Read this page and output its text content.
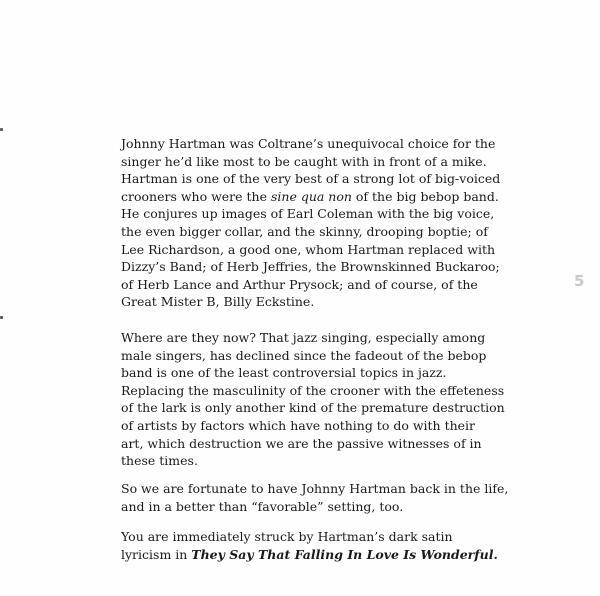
Johnny Hartman was Coltrane’s unequivocal choice for the
singer he’d like most to be caught with in front of a mike.
Hartman is one of the very best of a strong lot of big-voiced
crooners who were the sine qua non of the big bebop band.
He conjures up images of Earl Coleman with the big voice,
the even bigger collar, and the skinny, drooping boptie; of
Lee Richardson, a good one, whom Hartman replaced with
Dizzy’s Band; of Herb Jeffries, the Brownskinned Buckaroo;
of Herb Lance and Arthur Prysock; and of course, of the
Great Mister B, Billy Eckstine.
Where are they now? That jazz singing, especially among
male singers, has declined since the fadeout of the bebop
band is one of the least controversial topics in jazz.
Replacing the masculinity of the crooner with the effeteness
of the lark is only another kind of the premature destruction
of artists by factors which have nothing to do with their
art, which destruction we are the passive witnesses of in
these times.
So we are fortunate to have Johnny Hartman back in the life,
and in a better than “favorable” setting, too.
You are immediately struck by Hartman’s dark satin
lyricism in They Say That Falling In Love Is Wonderful.
5
